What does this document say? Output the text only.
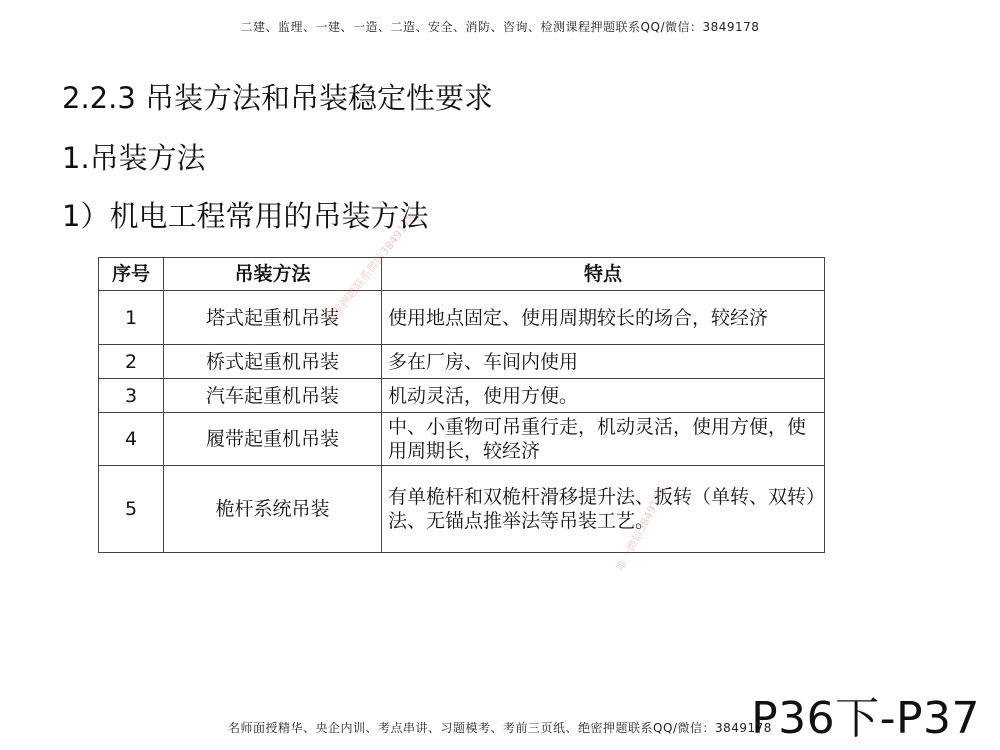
二建、监理、一建、一造、二造、安全、消防、咨询、检测课程押题联系QQ/微信：3849178
2.2.3 吊装方法和吊装稳定性要求
1.吊装方法
1）机电工程常用的吊装方法
序号	吊装方法	特点
1	塔式起重机吊装	使用地点固定、使用周期较长的场合，较经济
2	桥式起重机吊装	多在厂房、车间内使用
3	汽车起重机吊装	机动灵活，使用方便。
4	履带起重机吊装	中、小重物可吊重行走，机动灵活，使用方便，使用周期长，较经济
5	桅杆系统吊装	有单桅杆和双桅杆滑移提升法、扳转（单转、双转）法、无锚点推举法等吊装工艺。
精准押题联系微信3849178
唯一微信3849178
P36下-P37
名师面授精华、央企内训、考点串讲、习题模考、考前三页纸、绝密押题联系QQ/微信：3849178
